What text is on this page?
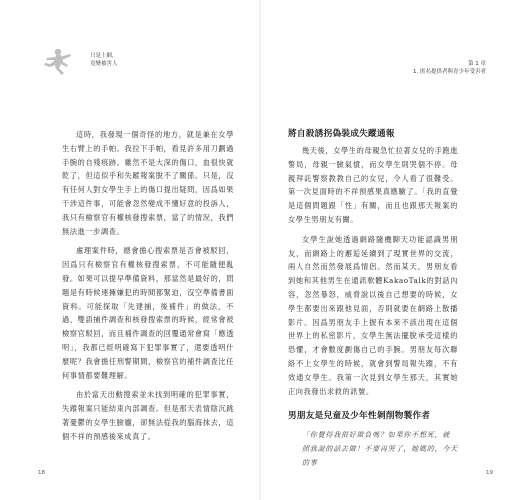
只是上網，
竟變被害人

這時，我發現一個奇怪的地方，就是兼在女學生右臂上的手帕。我拉下手帕，看見許多用刀劃過手腕的自殘痕跡。雖然不是大深的傷口，血很快就乾了，但這似乎和失蹤報案脫不了關係。只是，沒有任何人對女學生手上的傷口提出疑問，因爲如果干涉這件事，可能會忽然變成不懂好意的投訴人，我只有檢察官有權核發搜索票，當了的情況，我們無法進一步調查。

處理案件時，總會擔心搜索票是否會被駁回，因爲只有檢察官有權核發搜索票，不可能隨便亂發。如果可以提早準備資料，那當然是最好的，問題是有時候連擁嫌犯的時間都緊迫，沒空準備書面資料。可能探取「先建捕，後補件」的做法，不過，雙語捕件調查和核發搜索票的時候，經常會被檢察官駁回，而且補件調查的回覆通常會寫「應透明」，我都已經明確寫下犯罪事實了，還要透明什麼呢？我會擔任刑警期間，檢察官的補件調查比任何事情都要難理解。

由於當天出動搜索並未找到明確的犯罪事實，失蹤報案只能結束內部調查。但是那天表情陰沉跳著憂鬱的女學生臉龐，卻無法從我的腦海抹去，這個不祥的預感後來成真了。

18
第 1 章
1. 匿名提供者與青少年受害者
將自殺誘拐偽裝成失蹤通報

幾天後，女學生的母親急忙拉著女兒的手跑進警局，母親一臉氣憤，而女學生則哭個不停。母親拜託警察教教自己的女兒，令人看了很難受。第一次見面時的不祥預感果真應驗了。「我的直覺是這個問題跟「性」有關，而且也跟那天報案的女學生男朋友有關。

女學生說她透過網路隨機聊天功能認識男朋友，而網路上的邂逅延續到了現實世界的交流，兩人自然而然發展爲情侶。然而某天，男朋友看到她和其他男生在通訊軟體KakaoTalk的對話內容，忽然暴怒，威脅說以後自己想要的時候，女學生都要出來跟他見面，否則就要在網路上散播影片。因爲男朋友手上握有本來不該出現在這個世界上的私密影片，女學生無法擺脫承受這樣的恐懼，才會數度劃傷自己的手腕。男朋友每次聯絡不上女學生的時候，就會到警局報失蹤，不有效通女學生。我第一次見到女學生那天，其實她正向我發出求救的訊號。

男朋友是兒童及少年性剝削物製作者
「你覺得我很好欺負嗎？如果你不想死，就
照我說的話去做！不要再哭了，她媽的，今天的事
19
